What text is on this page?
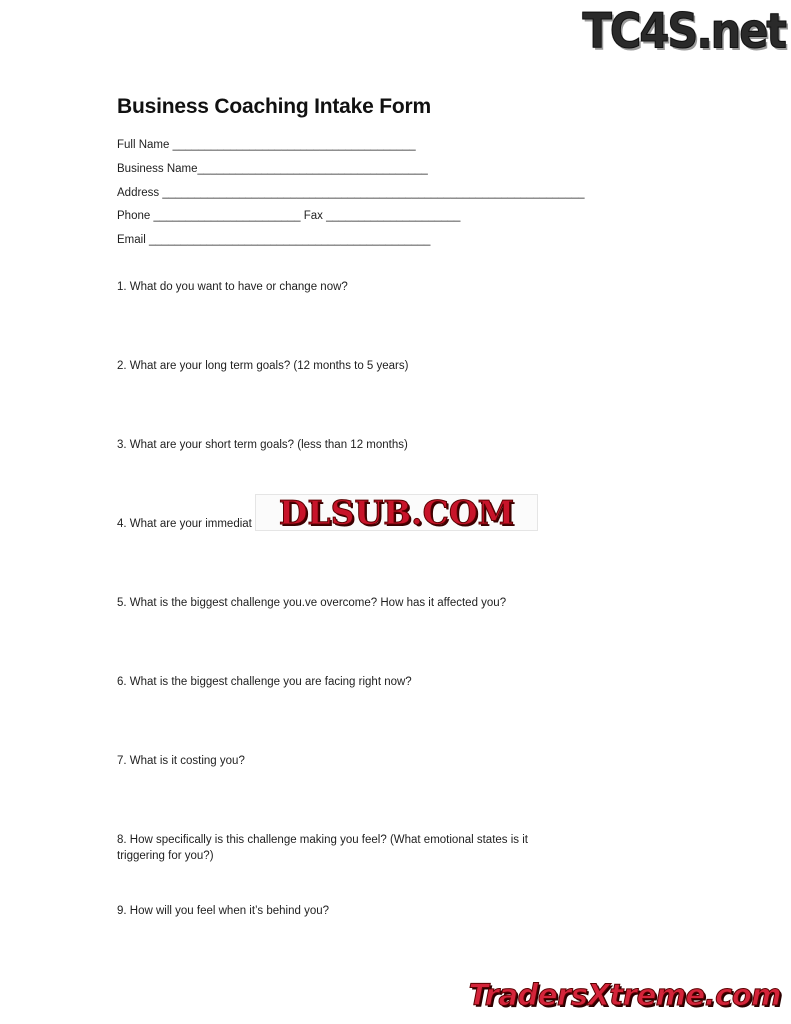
TC4S.net
Business Coaching Intake Form
Full Name ______________________________________
Business Name____________________________________
Address __________________________________________________________________
Phone _______________________ Fax _____________________
Email ____________________________________________
1. What do you want to have or change now?
2. What are your long term goals? (12 months to 5 years)
3. What are your short term goals? (less than 12 months)
4. What are your immediat
5. What is the biggest challenge you.ve overcome? How has it affected you?
6. What is the biggest challenge you are facing right now?
7. What is it costing you?
8. How specifically is this challenge making you feel? (What emotional states is it triggering for you?)
9. How will you feel when it’s behind you?
DLSUB.COM
TradersXtreme.com
